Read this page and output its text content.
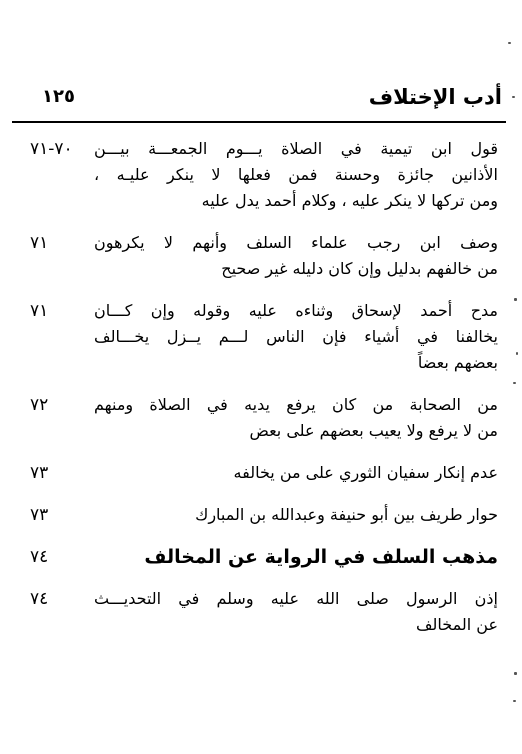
١٢٥	أدب الإختلاف
قول ابن تيمية في الصلاة يـــوم الجمعـــة بيـــن
الأذانين جائزة وحسنة فمن فعلها لا ينكر عليـه ،
ومن تركها لا ينكر عليه ، وكلام أحمد يدل عليه
٧٠-٧١
وصف ابن رجب علماء السلف وأنهم لا يكرهون
من خالفهم بدليل وإن كان دليله غير صحيح
٧١
مدح أحمد لإسحاق وثناءه عليه وقوله وإن كـــان
يخالفنا في أشياء فإن الناس لـــم يــزل يخـــالف
بعضهم بعضاً
٧١
من الصحابة من كان يرفع يديه في الصلاة ومنهم
من لا يرفع ولا يعيب بعضهم على بعض
٧٢
عدم إنكار سفيان الثوري على من يخالفه
٧٣
حوار طريف بين أبو حنيفة وعبدالله بن المبارك
٧٣
مذهب السلف في الرواية عن المخالف
٧٤
إذن الرسول صلى الله عليه وسلم في التحديـــث
عن المخالف
٧٤
